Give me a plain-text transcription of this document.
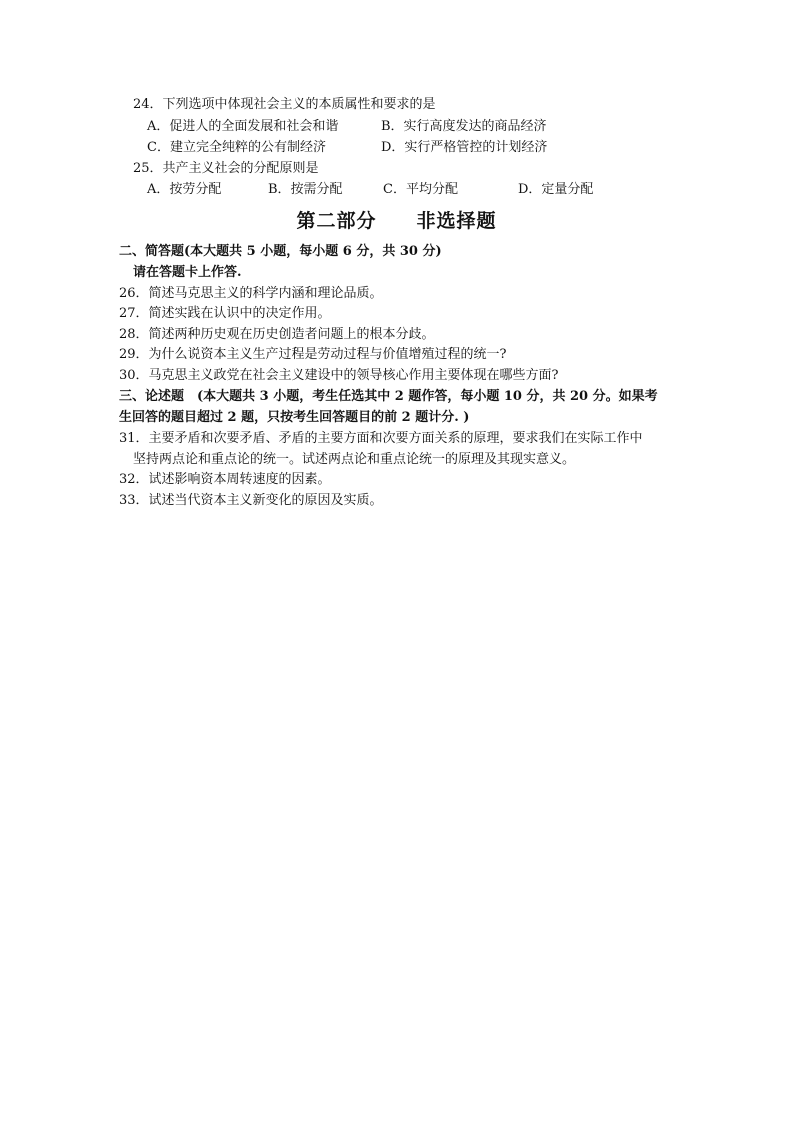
24．下列选项中体现社会主义的本质属性和要求的是
A．促进人的全面发展和社会和谐	B．实行高度发达的商品经济
C．建立完全纯粹的公有制经济	D．实行严格管控的计划经济
25．共产主义社会的分配原则是
A．按劳分配	B．按需分配	C．平均分配	D．定量分配
第二部分 非选择题
二、简答题(本大题共 5 小题，每小题 6 分，共 30 分)
请在答题卡上作答.
26．简述马克思主义的科学内涵和理论品质。
27．简述实践在认识中的决定作用。
28．简述两种历史观在历史创造者问题上的根本分歧。
29．为什么说资本主义生产过程是劳动过程与价值增殖过程的统一?
30．马克思主义政党在社会主义建设中的领导核心作用主要体现在哪些方面?
三、论述题　(本大题共 3 小题，考生任选其中 2 题作答，每小题 10 分，共 20 分。如果考
生回答的题目超过 2 题，只按考生回答题目的前 2 题计分. )
31．主要矛盾和次要矛盾、矛盾的主要方面和次要方面关系的原理，要求我们在实际工作中
坚持两点论和重点论的统一。试述两点论和重点论统一的原理及其现实意义。
32．试述影响资本周转速度的因素。
33．试述当代资本主义新变化的原因及实质。
